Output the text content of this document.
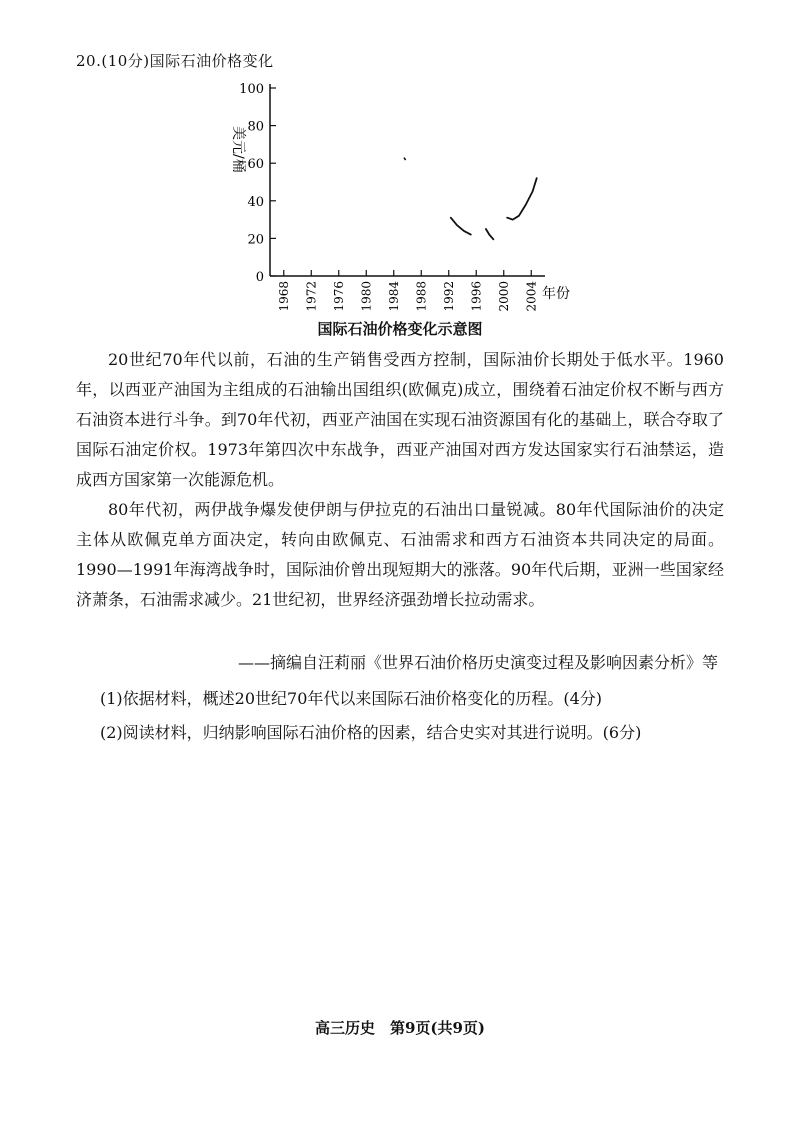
20.(10分)国际石油价格变化
0
20
40
60
80
100
1968 1972 1976 1980 1984 1988 1992 1996 2000 2004
美元/桶
年份
国际石油价格变化示意图

20世纪70年代以前，石油的生产销售受西方控制，国际油价长期处于低水平。1960年，以西亚产油国为主组成的石油输出国组织(欧佩克)成立，围绕着石油定价权不断与西方石油资本进行斗争。到70年代初，西亚产油国在实现石油资源国有化的基础上，联合夺取了国际石油定价权。1973年第四次中东战争，西亚产油国对西方发达国家实行石油禁运，造成西方国家第一次能源危机。

80年代初，两伊战争爆发使伊朗与伊拉克的石油出口量锐减。80年代国际油价的决定主体从欧佩克单方面决定，转向由欧佩克、石油需求和西方石油资本共同决定的局面。1990—1991年海湾战争时，国际油价曾出现短期大的涨落。90年代后期，亚洲一些国家经济萧条，石油需求减少。21世纪初，世界经济强劲增长拉动需求。

——摘编自汪莉丽《世界石油价格历史演变过程及影响因素分析》等
(1)依据材料，概述20世纪70年代以来国际石油价格变化的历程。(4分)
(2)阅读材料，归纳影响国际石油价格的因素，结合史实对其进行说明。(6分)
高三历史　第9页(共9页)
